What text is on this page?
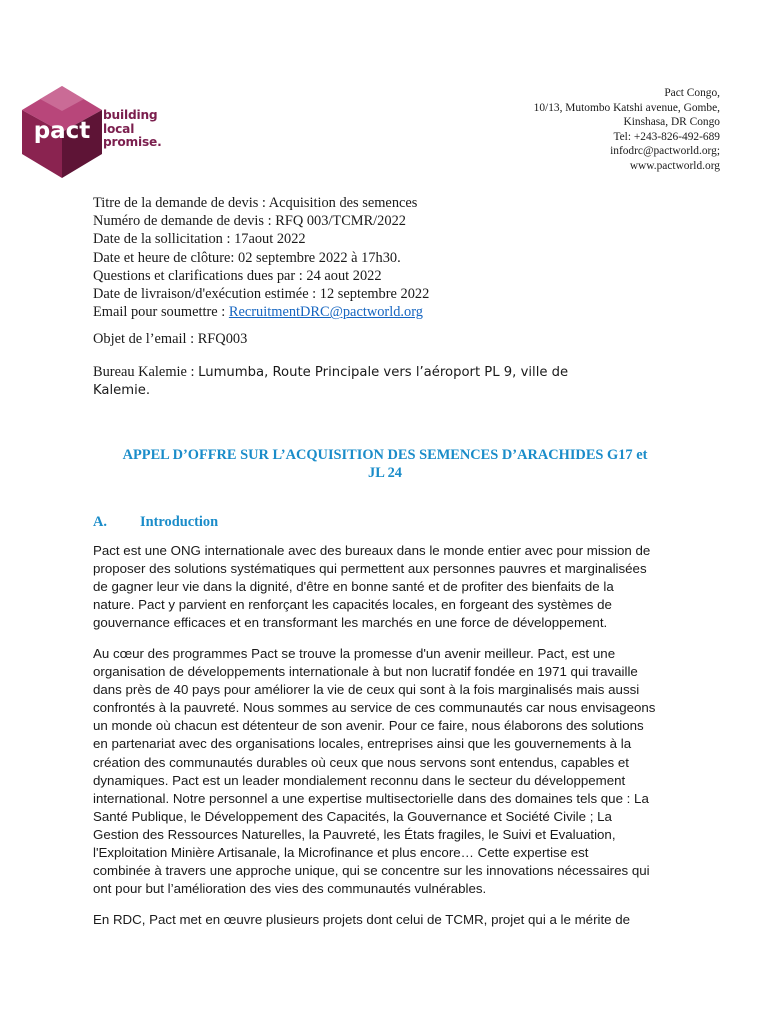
pact
building
local
promise.
Pact Congo,
10/13, Mutombo Katshi avenue, Gombe,
Kinshasa, DR Congo
Tel: +243-826-492-689
infodrc@pactworld.org;
www.pactworld.org
Titre de la demande de devis : Acquisition des semences
Numéro de demande de devis : RFQ 003/TCMR/2022
Date de la sollicitation : 17aout 2022
Date et heure de clôture: 02 septembre 2022 à 17h30.
Questions et clarifications dues par : 24 aout 2022
Date de livraison/d'exécution estimée : 12 septembre 2022
Email pour soumettre : RecruitmentDRC@pactworld.org
Objet de l’email : RFQ003
Bureau Kalemie : Lumumba, Route Principale vers l’aéroport PL 9, ville de
Kalemie.
APPEL D’OFFRE SUR L’ACQUISITION DES SEMENCES D’ARACHIDES G17 et
JL 24
A. Introduction
Pact est une ONG internationale avec des bureaux dans le monde entier avec pour mission de
proposer des solutions systématiques qui permettent aux personnes pauvres et marginalisées
de gagner leur vie dans la dignité, d'être en bonne santé et de profiter des bienfaits de la
nature. Pact y parvient en renforçant les capacités locales, en forgeant des systèmes de
gouvernance efficaces et en transformant les marchés en une force de développement.
Au cœur des programmes Pact se trouve la promesse d'un avenir meilleur. Pact, est une
organisation de développements internationale à but non lucratif fondée en 1971 qui travaille
dans près de 40 pays pour améliorer la vie de ceux qui sont à la fois marginalisés mais aussi
confrontés à la pauvreté. Nous sommes au service de ces communautés car nous envisageons
un monde où chacun est détenteur de son avenir. Pour ce faire, nous élaborons des solutions
en partenariat avec des organisations locales, entreprises ainsi que les gouvernements à la
création des communautés durables où ceux que nous servons sont entendus, capables et
dynamiques. Pact est un leader mondialement reconnu dans le secteur du développement
international. Notre personnel a une expertise multisectorielle dans des domaines tels que : La
Santé Publique, le Développement des Capacités, la Gouvernance et Société Civile ; La
Gestion des Ressources Naturelles, la Pauvreté, les États fragiles, le Suivi et Evaluation,
l'Exploitation Minière Artisanale, la Microfinance et plus encore… Cette expertise est
combinée à travers une approche unique, qui se concentre sur les innovations nécessaires qui
ont pour but l’amélioration des vies des communautés vulnérables.
En RDC, Pact met en œuvre plusieurs projets dont celui de TCMR, projet qui a le mérite de
